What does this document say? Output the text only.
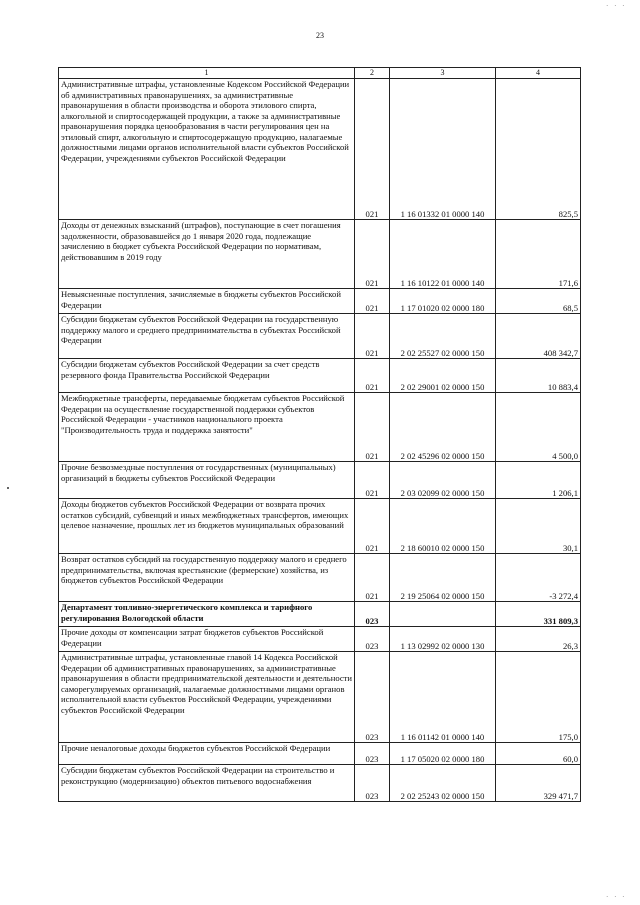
23
1	2	3	4
Административные штрафы, установленные Кодексом Российской Федерации об административных правонарушениях, за административные правонарушения в области производства и оборота этилового спирта, алкогольной и спиртосодержащей продукции, а также за административные правонарушения порядка ценообразования в части регулирования цен на этиловый спирт, алкогольную и спиртосодержащую продукцию, налагаемые должностными лицами органов исполнительной власти субъектов Российской Федерации, учреждениями субъектов Российской Федерации	021	1 16 01332 01 0000 140	825,5
Доходы от денежных взысканий (штрафов), поступающие в счет погашения задолженности, образовавшейся до 1 января 2020 года, подлежащие зачислению в бюджет субъекта Российской Федерации по нормативам, действовавшим в 2019 году	021	1 16 10122 01 0000 140	171,6
Невыясненные поступления, зачисляемые в бюджеты субъектов Российской Федерации	021	1 17 01020 02 0000 180	68,5
Субсидии бюджетам субъектов Российской Федерации на государственную поддержку малого и среднего предпринимательства в субъектах Российской Федерации	021	2 02 25527 02 0000 150	408 342,7
Субсидии бюджетам субъектов Российской Федерации за счет средств резервного фонда Правительства Российской Федерации	021	2 02 29001 02 0000 150	10 883,4
Межбюджетные трансферты, передаваемые бюджетам субъектов Российской Федерации на осуществление государственной поддержки субъектов Российской Федерации - участников национального проекта "Производительность труда и поддержка занятости"	021	2 02 45296 02 0000 150	4 500,0
Прочие безвозмездные поступления от государственных (муниципальных) организаций в бюджеты субъектов Российской Федерации	021	2 03 02099 02 0000 150	1 206,1
Доходы бюджетов субъектов Российской Федерации от возврата прочих остатков субсидий, субвенций и иных межбюджетных трансфертов, имеющих целевое назначение, прошлых лет из бюджетов муниципальных образований	021	2 18 60010 02 0000 150	30,1
Возврат остатков субсидий на государственную поддержку малого и среднего предпринимательства, включая крестьянские (фермерские) хозяйства, из бюджетов субъектов Российской Федерации	021	2 19 25064 02 0000 150	-3 272,4
Департамент топливно-энергетического комплекса и тарифного регулирования Вологодской области	023		331 809,3
Прочие доходы от компенсации затрат бюджетов субъектов Российской Федерации	023	1 13 02992 02 0000 130	26,3
Административные штрафы, установленные главой 14 Кодекса Российской Федерации об административных правонарушениях, за административные правонарушения в области предпринимательской деятельности и деятельности саморегулируемых организаций, налагаемые должностными лицами органов исполнительной власти субъектов Российской Федерации, учреждениями субъектов Российской Федерации	023	1 16 01142 01 0000 140	175,0
Прочие неналоговые доходы бюджетов субъектов Российской Федерации	023	1 17 05020 02 0000 180	60,0
Субсидии бюджетам субъектов Российской Федерации на строительство и реконструкцию (модернизацию) объектов питьевого водоснабжения	023	2 02 25243 02 0000 150	329 471,7
· · ·
· · ·
